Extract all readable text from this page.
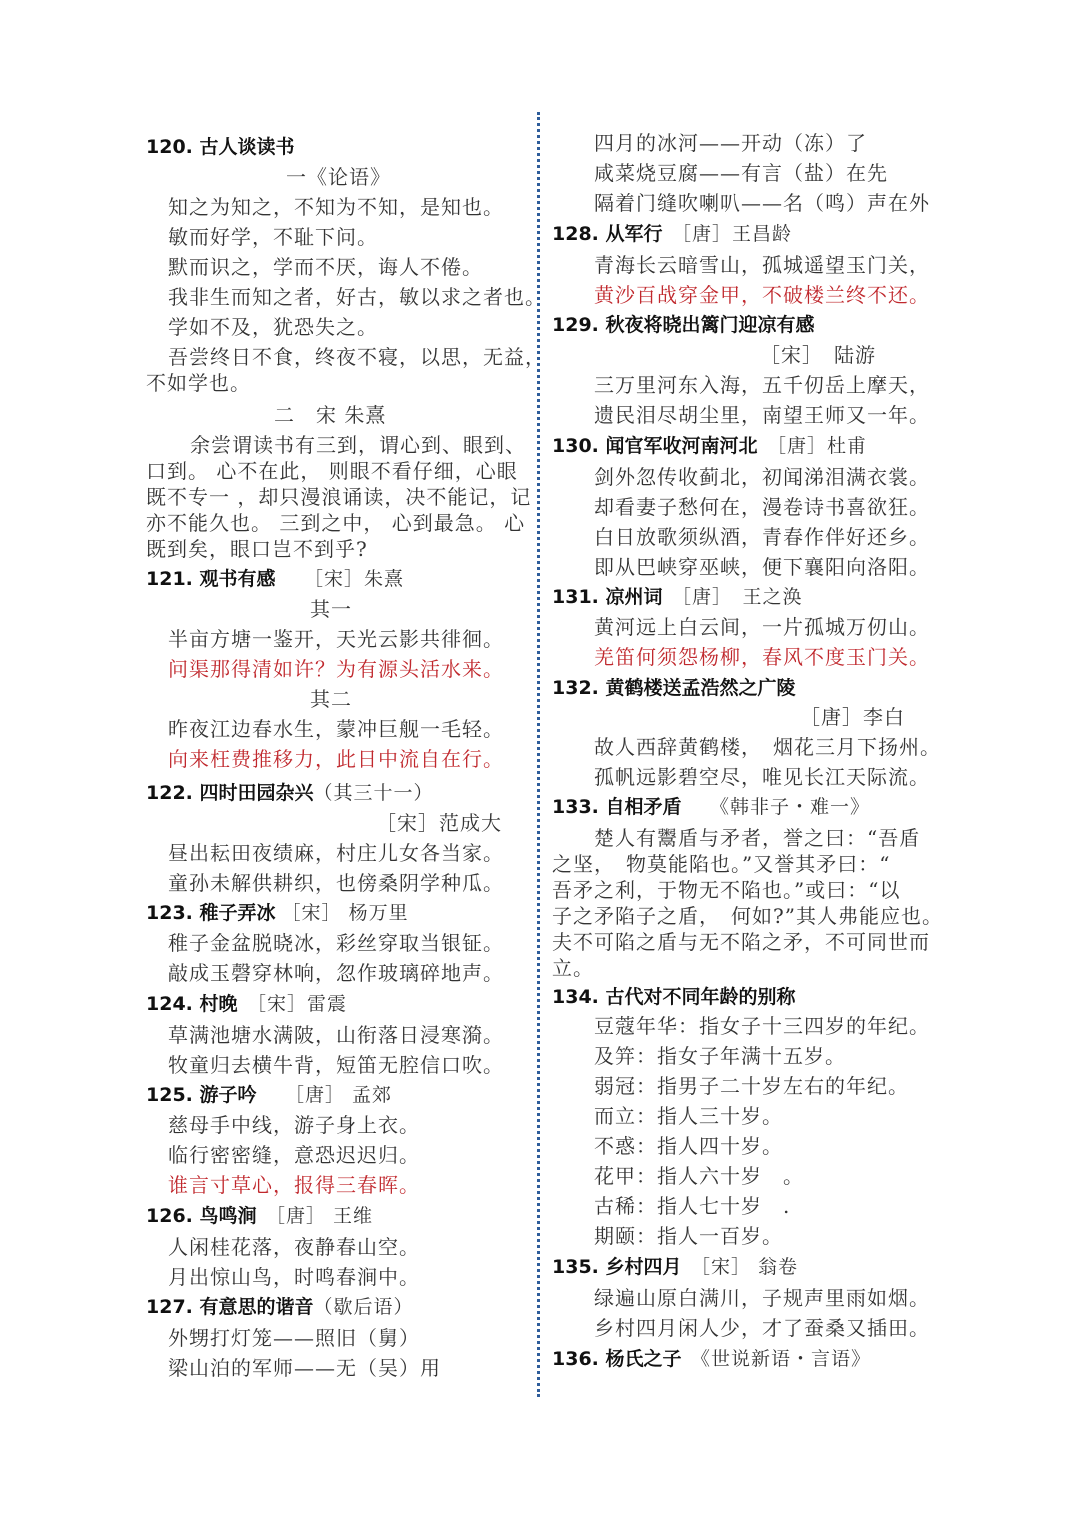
120. 古人谈读书
一《论语》
知之为知之，不知为不知，是知也。
敏而好学，不耻下问。
默而识之，学而不厌，诲人不倦。
我非生而知之者，好古，敏以求之者也。
学如不及，犹恐失之。
吾尝终日不食，终夜不寝，以思，无益，
不如学也。
二　宋 朱熹
余尝谓读书有三到，谓心到、眼到、
口到。 心不在此， 则眼不看仔细，心眼
既不专一 ，却只漫浪诵读，决不能记，记
亦不能久也。 三到之中， 心到最急。 心
既到矣，眼口岂不到乎?
121. 观书有感　　 ［宋］朱熹
其一
半亩方塘一鉴开，天光云影共徘徊。
问渠那得清如许？为有源头活水来。
其二
昨夜江边春水生，蒙冲巨舰一毛轻。
向来枉费推移力，此日中流自在行。
122. 四时田园杂兴（其三十一）
［宋］范成大
昼出耘田夜绩麻，村庄儿女各当家。
童孙未解供耕织，也傍桑阴学种瓜。
123. 稚子弄冰 ［宋］ 杨万里
稚子金盆脱晓冰，彩丝穿取当银钲。
敲成玉磬穿林响，忽作玻璃碎地声。
124. 村晚　 ［宋］雷震
草满池塘水满陂，山衔落日浸寒漪。
牧童归去横牛背，短笛无腔信口吹。
125. 游子吟　　 ［唐］ 孟郊
慈母手中线，游子身上衣。
临行密密缝，意恐迟迟归。
谁言寸草心，报得三春晖。
126. 鸟鸣涧　 ［唐］ 王维
人闲桂花落，夜静春山空。
月出惊山鸟，时鸣春涧中。
127. 有意思的谐音（歇后语）
外甥打灯笼——照旧（舅）
梁山泊的军师——无（吴）用
四月的冰河——开动（冻）了
咸菜烧豆腐——有言（盐）在先
隔着门缝吹喇叭——名（鸣）声在外
128. 从军行　 ［唐］王昌龄
青海长云暗雪山，孤城遥望玉门关，
黄沙百战穿金甲，不破楼兰终不还。
129. 秋夜将晓出篱门迎凉有感
［宋］　陆游
三万里河东入海，五千仞岳上摩天，
遗民泪尽胡尘里，南望王师又一年。
130. 闻官军收河南河北　 ［唐］杜甫
剑外忽传收蓟北，初闻涕泪满衣裳。
却看妻子愁何在，漫卷诗书喜欲狂。
白日放歌须纵酒，青春作伴好还乡。
即从巴峡穿巫峡，便下襄阳向洛阳。
131. 凉州词　 ［唐］　王之涣
黄河远上白云间，一片孤城万仞山。
羌笛何须怨杨柳，春风不度玉门关。
132. 黄鹤楼送孟浩然之广陵
［唐］李白
故人西辞黄鹤楼，　烟花三月下扬州。
孤帆远影碧空尽，唯见长江天际流。
133. 自相矛盾　　 《韩非子・难一》
楚人有鬻盾与矛者，誉之曰：“吾盾
之坚，　物莫能陷也。”又誉其矛曰：“
吾矛之利，于物无不陷也。”或曰：“以
子之矛陷子之盾，　何如?”其人弗能应也。
夫不可陷之盾与无不陷之矛，不可同世而
立。
134. 古代对不同年龄的别称
豆蔻年华：指女子十三四岁的年纪。
及笄：指女子年满十五岁。
弱冠：指男子二十岁左右的年纪。
而立：指人三十岁。
不惑：指人四十岁。
花甲：指人六十岁　。
古稀：指人七十岁　.
期颐：指人一百岁。
135. 乡村四月　 ［宋］ 翁卷
绿遍山原白满川，子规声里雨如烟。
乡村四月闲人少，才了蚕桑又插田。
136. 杨氏之子　 《世说新语・言语》
